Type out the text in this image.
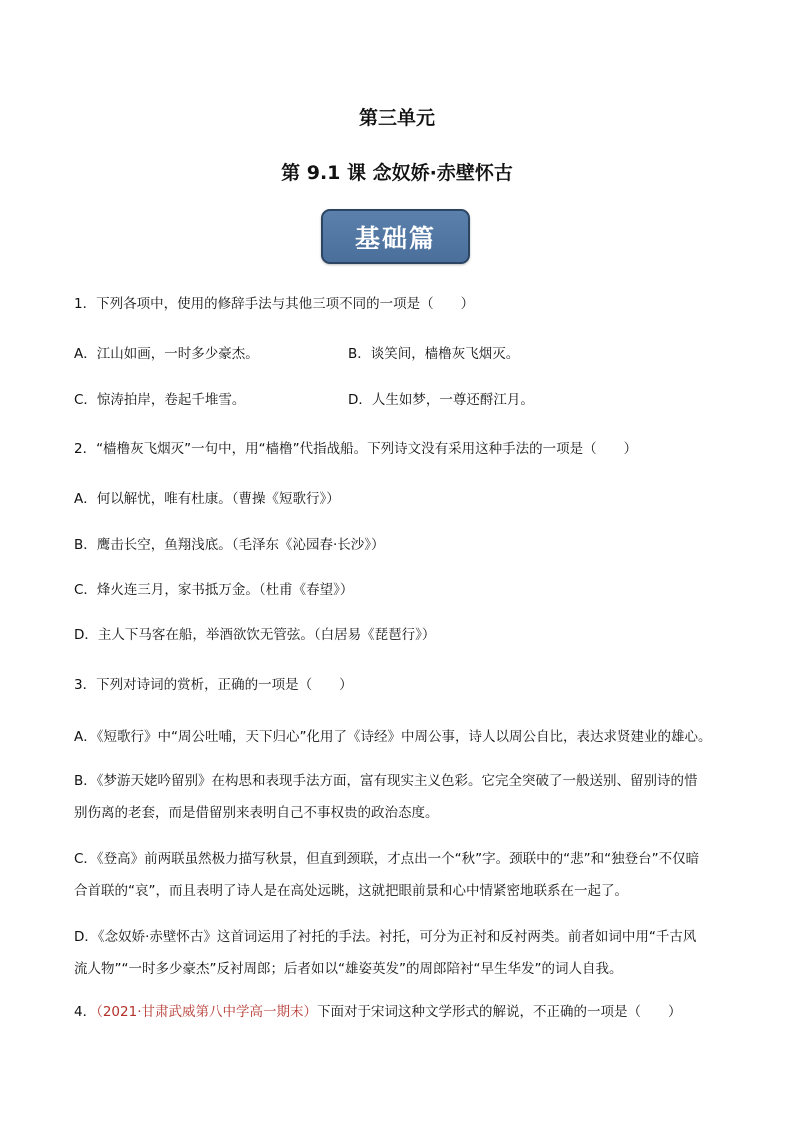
第三单元
第 9.1 课 念奴娇·赤壁怀古
基础篇
1．下列各项中，使用的修辞手法与其他三项不同的一项是（　　）
A．江山如画，一时多少豪杰。	B．谈笑间，樯橹灰飞烟灭。
C．惊涛拍岸，卷起千堆雪。	D．人生如梦，一尊还酹江月。
2．“樯橹灰飞烟灭”一句中，用“樯橹”代指战船。下列诗文没有采用这种手法的一项是（　　）
A．何以解忧，唯有杜康。（曹操《短歌行》）
B．鹰击长空，鱼翔浅底。（毛泽东《沁园春·长沙》）
C．烽火连三月，家书抵万金。（杜甫《春望》）
D．主人下马客在船，举酒欲饮无管弦。（白居易《琵琶行》）
3．下列对诗词的赏析，正确的一项是（　　）
A．《短歌行》中“周公吐哺，天下归心”化用了《诗经》中周公事，诗人以周公自比，表达求贤建业的雄心。
B．《梦游天姥吟留别》在构思和表现手法方面，富有现实主义色彩。它完全突破了一般送别、留别诗的惜
别伤离的老套，而是借留别来表明自己不事权贵的政治态度。
C．《登高》前两联虽然极力描写秋景，但直到颈联，才点出一个“秋”字。颈联中的“悲”和“独登台”不仅暗
合首联的“哀”，而且表明了诗人是在高处远眺，这就把眼前景和心中情紧密地联系在一起了。
D．《念奴娇·赤壁怀古》这首词运用了衬托的手法。衬托，可分为正衬和反衬两类。前者如词中用“千古风
流人物”“一时多少豪杰”反衬周郎；后者如以“雄姿英发”的周郎陪衬“早生华发”的词人自我。
4．（2021·甘肃武威第八中学高一期末）下面对于宋词这种文学形式的解说，不正确的一项是（　　）
